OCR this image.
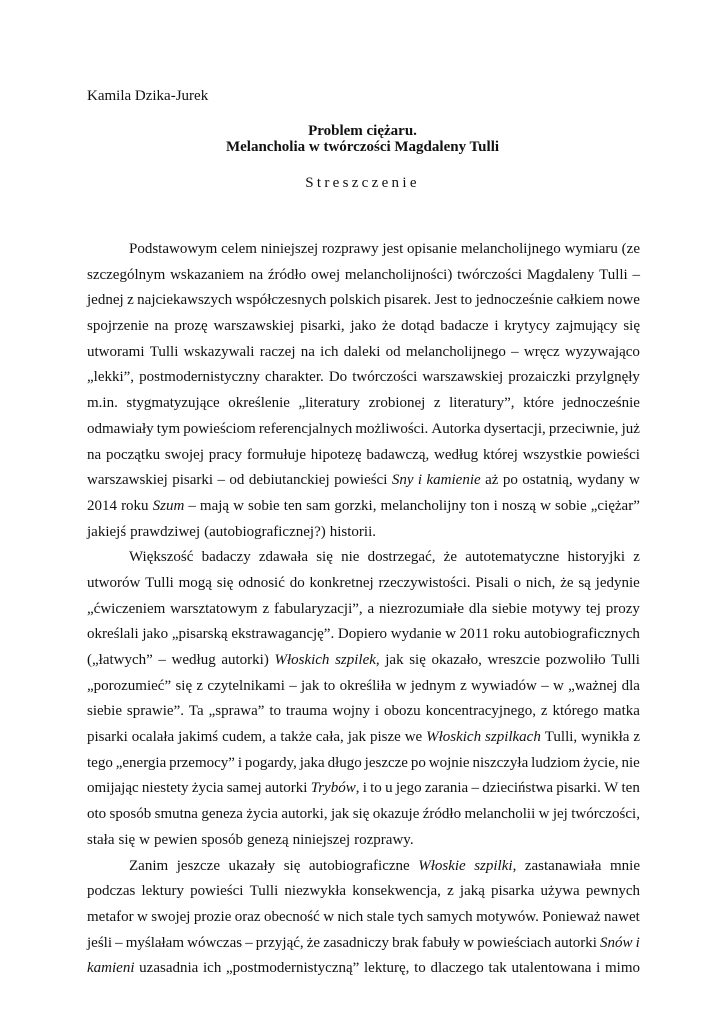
Kamila Dzika-Jurek
Problem ciężaru.
Melancholia w twórczości Magdaleny Tulli
Streszczenie
Podstawowym celem niniejszej rozprawy jest opisanie melancholijnego wymiaru (ze
szczególnym wskazaniem na źródło owej melancholijności) twórczości Magdaleny Tulli –
jednej z najciekawszych współczesnych polskich pisarek. Jest to jednocześnie całkiem nowe
spojrzenie na prozę warszawskiej pisarki, jako że dotąd badacze i krytycy zajmujący się
utworami Tulli wskazywali raczej na ich daleki od melancholijnego – wręcz wyzywająco
„lekki”, postmodernistyczny charakter. Do twórczości warszawskiej prozaiczki przylgnęły
m.in. stygmatyzujące określenie „literatury zrobionej z literatury”, które jednocześnie
odmawiały tym powieściom referencjalnych możliwości. Autorka dysertacji, przeciwnie, już
na początku swojej pracy formułuje hipotezę badawczą, według której wszystkie powieści
warszawskiej pisarki – od debiutanckiej powieści Sny i kamienie aż po ostatnią, wydany w
2014 roku Szum – mają w sobie ten sam gorzki, melancholijny ton i noszą w sobie „ciężar”
jakiejś prawdziwej (autobiograficznej?) historii.
Większość badaczy zdawała się nie dostrzegać, że autotematyczne historyjki z
utworów Tulli mogą się odnosić do konkretnej rzeczywistości. Pisali o nich, że są jedynie
„ćwiczeniem warsztatowym z fabularyzacji”, a niezrozumiałe dla siebie motywy tej prozy
określali jako „pisarską ekstrawagancję”. Dopiero wydanie w 2011 roku autobiograficznych
(„łatwych” – według autorki) Włoskich szpilek, jak się okazało, wreszcie pozwoliło Tulli
„porozumieć” się z czytelnikami – jak to określiła w jednym z wywiadów – w „ważnej dla
siebie sprawie”. Ta „sprawa” to trauma wojny i obozu koncentracyjnego, z którego matka
pisarki ocalała jakimś cudem, a także cała, jak pisze we Włoskich szpilkach Tulli, wynikła z
tego „energia przemocy” i pogardy, jaka długo jeszcze po wojnie niszczyła ludziom życie, nie
omijając niestety życia samej autorki Trybów, i to u jego zarania – dzieciństwa pisarki. W ten
oto sposób smutna geneza życia autorki, jak się okazuje źródło melancholii w jej twórczości,
stała się w pewien sposób genezą niniejszej rozprawy.
Zanim jeszcze ukazały się autobiograficzne Włoskie szpilki, zastanawiała mnie
podczas lektury powieści Tulli niezwykła konsekwencja, z jaką pisarka używa pewnych
metafor w swojej prozie oraz obecność w nich stale tych samych motywów. Ponieważ nawet
jeśli – myślałam wówczas – przyjąć, że zasadniczy brak fabuły w powieściach autorki Snów i
kamieni uzasadnia ich „postmodernistyczną” lekturę, to dlaczego tak utalentowana i mimo
